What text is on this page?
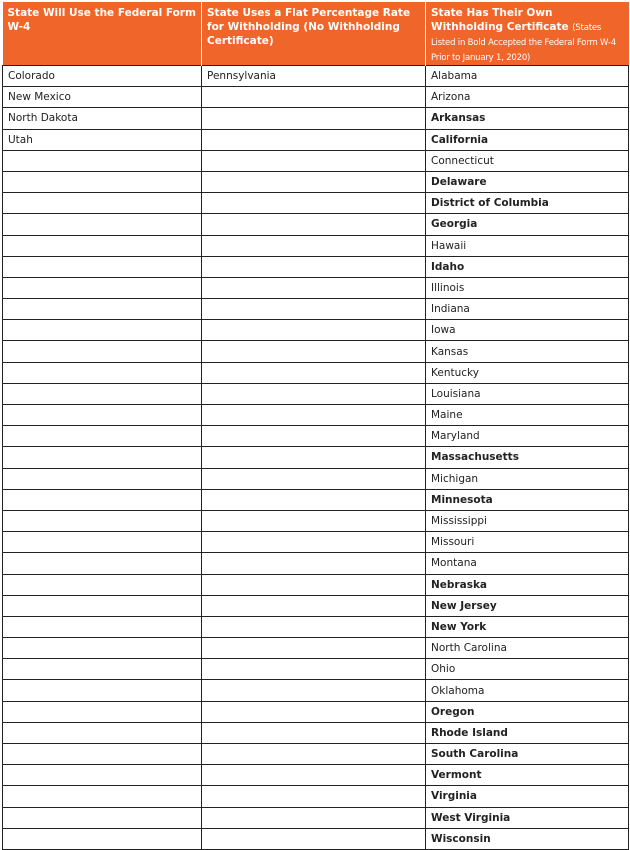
State Will Use the Federal Form W-4	State Uses a Flat Percentage Rate for Withholding (No Withholding Certificate)	State Has Their Own Withholding Certificate (States Listed in Bold Accepted the Federal Form W-4 Prior to January 1, 2020)
Colorado	Pennsylvania	Alabama
New Mexico		Arizona
North Dakota		Arkansas
Utah		California
		Connecticut
		Delaware
		District of Columbia
		Georgia
		Hawaii
		Idaho
		Illinois
		Indiana
		Iowa
		Kansas
		Kentucky
		Louisiana
		Maine
		Maryland
		Massachusetts
		Michigan
		Minnesota
		Mississippi
		Missouri
		Montana
		Nebraska
		New Jersey
		New York
		North Carolina
		Ohio
		Oklahoma
		Oregon
		Rhode Island
		South Carolina
		Vermont
		Virginia
		West Virginia
		Wisconsin
